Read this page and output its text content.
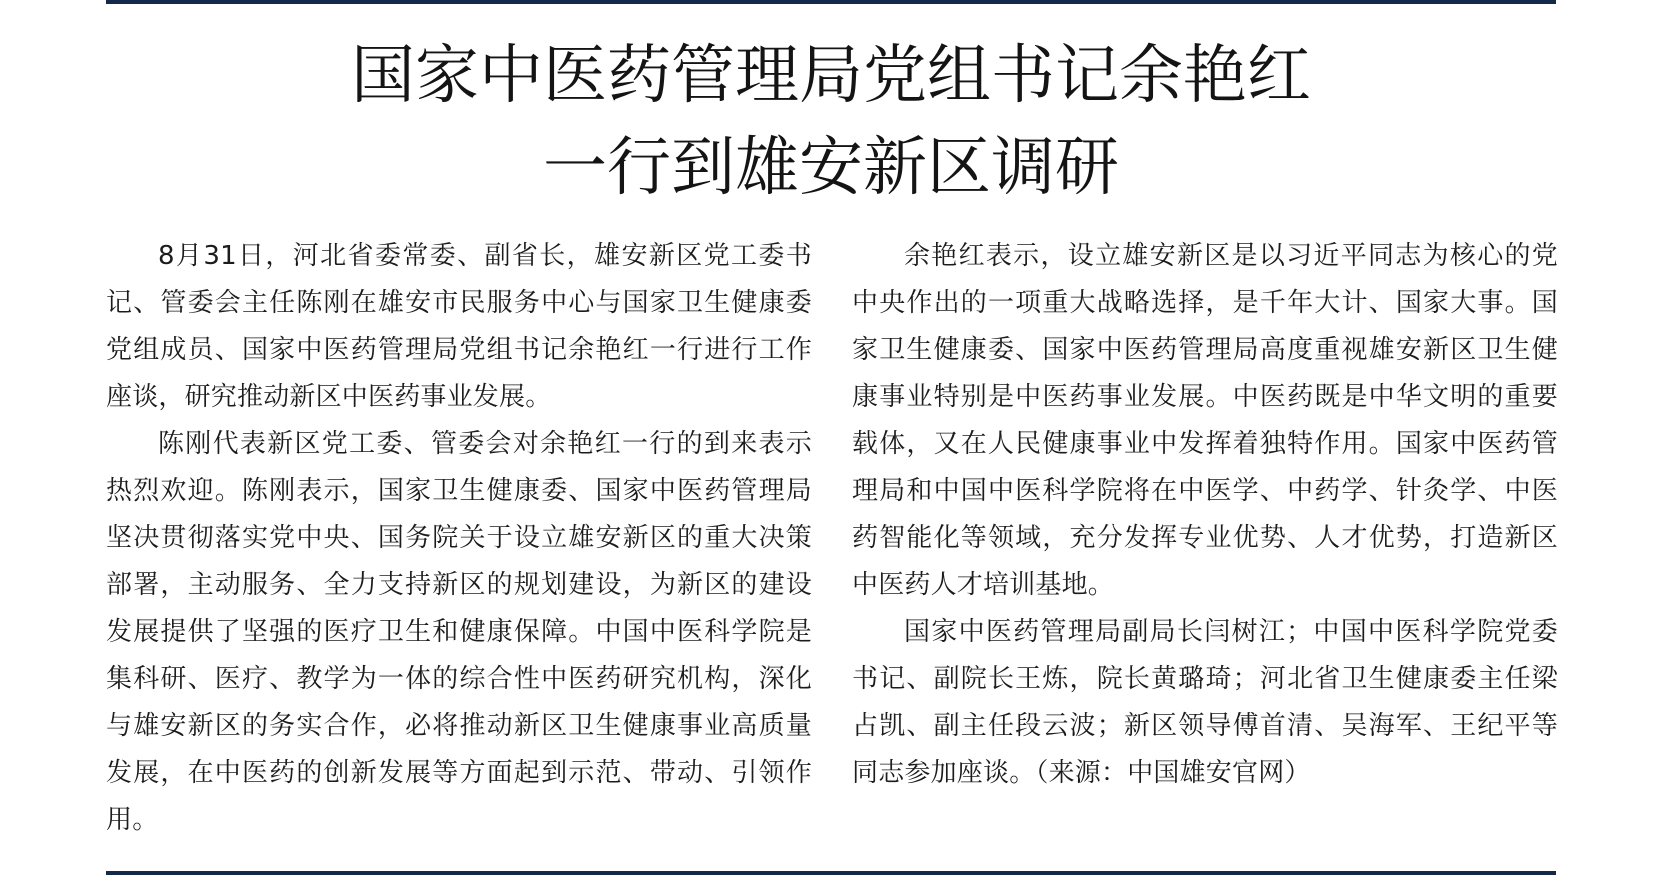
国家中医药管理局党组书记余艳红
一行到雄安新区调研

8月31日，河北省委常委、副省长，雄安新区党工委书记、管委会主任陈刚在雄安市民服务中心与国家卫生健康委党组成员、国家中医药管理局党组书记余艳红一行进行工作座谈，研究推动新区中医药事业发展。

陈刚代表新区党工委、管委会对余艳红一行的到来表示热烈欢迎。陈刚表示，国家卫生健康委、国家中医药管理局坚决贯彻落实党中央、国务院关于设立雄安新区的重大决策部署，主动服务、全力支持新区的规划建设，为新区的建设发展提供了坚强的医疗卫生和健康保障。中国中医科学院是集科研、医疗、教学为一体的综合性中医药研究机构，深化与雄安新区的务实合作，必将推动新区卫生健康事业高质量发展，在中医药的创新发展等方面起到示范、带动、引领作用。

余艳红表示，设立雄安新区是以习近平同志为核心的党中央作出的一项重大战略选择，是千年大计、国家大事。国家卫生健康委、国家中医药管理局高度重视雄安新区卫生健康事业特别是中医药事业发展。中医药既是中华文明的重要载体，又在人民健康事业中发挥着独特作用。国家中医药管理局和中国中医科学院将在中医学、中药学、针灸学、中医药智能化等领域，充分发挥专业优势、人才优势，打造新区中医药人才培训基地。

国家中医药管理局副局长闫树江；中国中医科学院党委书记、副院长王炼，院长黄璐琦；河北省卫生健康委主任梁占凯、副主任段云波；新区领导傅首清、吴海军、王纪平等同志参加座谈。（来源：中国雄安官网）
